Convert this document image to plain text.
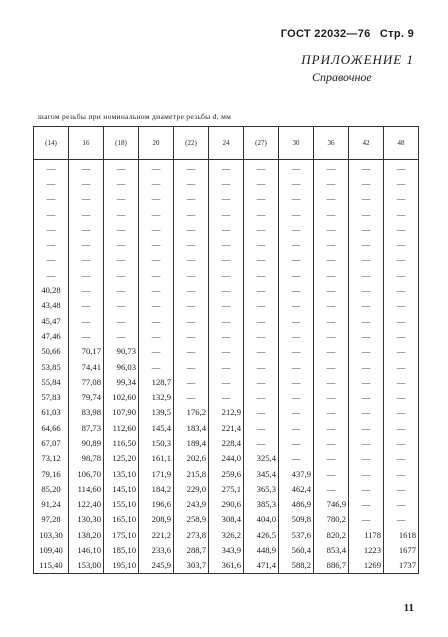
ГОСТ 22032—76 Стр. 9
ПРИЛОЖЕНИЕ 1
Справочное
шагом резьбы при номинальном диаметре резьбы d, мм
(14)	16	(18)	20	(22)	24	(27)	30	36	42	48
—	—	—	—	—	—	—	—	—	—	—
—	—	—	—	—	—	—	—	—	—	—
—	—	—	—	—	—	—	—	—	—	—
—	—	—	—	—	—	—	—	—	—	—
—	—	—	—	—	—	—	—	—	—	—
—	—	—	—	—	—	—	—	—	—	—
—	—	—	—	—	—	—	—	—	—	—
—	—	—	—	—	—	—	—	—	—	—
40,28	—	—	—	—	—	—	—	—	—	—
43,48	—	—	—	—	—	—	—	—	—	—
45,47	—	—	—	—	—	—	—	—	—	—
47,46	—	—	—	—	—	—	—	—	—	—
50,66	70,17	90,73	—	—	—	—	—	—	—	—
53,85	74,41	96,03	—	—	—	—	—	—	—	—
55,84	77,08	99,34	128,7	—	—	—	—	—	—	—
57,83	79,74	102,60	132,9	—	—	—	—	—	—	—
61,03	83,98	107,90	139,5	176,2	212,9	—	—	—	—	—
64,66	87,73	112,60	145,4	183,4	221,4	—	—	—	—	—
67,07	90,89	116,50	150,3	189,4	228,4	—	—	—	—	—
73,12	98,78	125,20	161,1	202,6	244,0	325,4	—	—	—	—
79,16	106,70	135,10	171,9	215,8	259,6	345,4	437,9	—	—	—
85,20	114,60	145,10	184,2	229,0	275,1	365,3	462,4	—	—	—
91,24	122,40	155,10	196,6	243,9	290,6	385,3	486,9	746,9	—	—
97,28	130,30	165,10	208,9	258,9	308,4	404,0	509,8	780,2	—	—
103,30	138,20	175,10	221,2	273,8	326,2	426,5	537,6	820,2	1178	1618
109,40	146,10	185,10	233,6	288,7	343,9	448,9	560,4	853,4	1223	1677
115,40	153,00	195,10	245,9	303,7	361,6	471,4	588,2	886,7	1269	1737
11
